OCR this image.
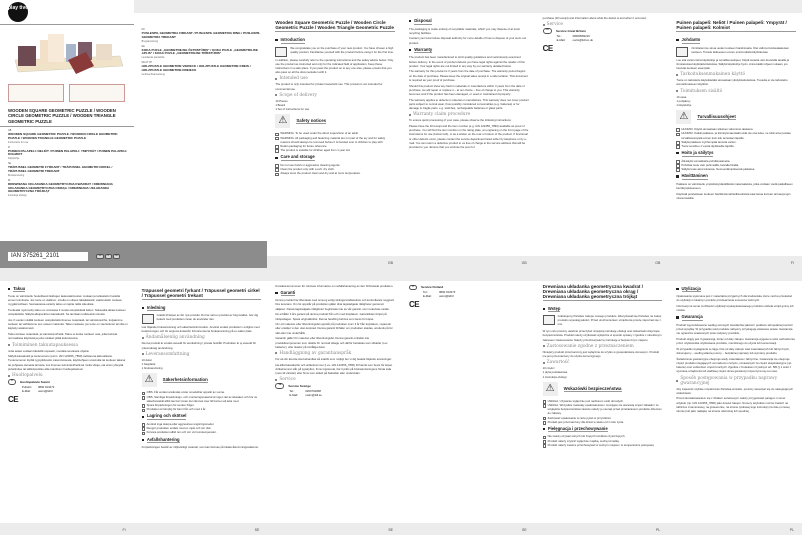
play tive
WOODEN SQUARE GEOMETRIC PUZZLE / WOODEN CIRCLE GEOMETRIC PUZZLE / WOODEN TRIANGLE GEOMETRIC PUZZLE
GB
WOODEN SQUARE GEOMETRIC PUZZLE / WOODEN CIRCLE GEOMETRIC PUZZLE / WOODEN TRIANGLE GEOMETRIC PUZZLE
Instructions for use
FI
PUINEN PALAPELI: NELIÖT / PUINEN PALAPELI: YMPYRÄT / PUINEN PALAPELI: KOLMIOT
Käyttöohje
SE
TRÄPUSSEL GEOMETRI FYRKANT / TRÄPUSSEL GEOMETRI CIRKEL / TRÄPUSSEL GEOMETRI TREKANT
Bruksanvisning
PL
DREWNIANA UKŁADANKA GEOMETRYCZNA KWADRAT / DREWNIANA UKŁADANKA GEOMETRYCZNA OKRĄG / DREWNIANA UKŁADANKA GEOMETRYCZNA TRÓJKĄT
Instrukcja obsługi
IAN 375261_2101	GB	FI	SE
DK
PUSLESPIL GEOMETRIA FIRKANT / PUSLESPIL GEOMETRIA RING / PUSLESPIL GEOMETRIA TREKANT
Brugsanvisning
EE
KOKA PUZLE „GEOMETRILISE ČETRSTŪRIS" / KOKA PUZLE „GEOMETRILISE APLIS" / KOKA PUZLE „GEOMETRILISE TRĪSSTŪRIS"
Lietošanas pamācība
DE AT CH
HOLZPUZZLE GEOMETRIE VIERECK / HOLZPUZZLE GEOMETRIE KREIS / HOLZPUZZLE GEOMETRIE DREIECK
Gebrauchsanweisung
GB
Wooden Square Geometric Puzzle / Wooden Circle Geometric Puzzle / Wooden Triangle Geometric Puzzle
Introduction
We congratulate you on the purchase of your new product. You have chosen a high quality product. Familiarise yourself with the product before using it for the first time.
In addition, please carefully refer to the operating instructions and the safety advice below. Only use the product as instructed and only for the indicated field of application. Keep these instructions in a safe place. If you pass the product on to any one else, please ensure that you also pass on all the documentation with it.
Intended use
The product is only intended for private household use. This product is not intended for commercial use.
Scope of delivery
10 Pieces
1 Board
1 Set of instructions for use
⚠	Safety notices
WARNING. To be used under the direct supervision of an adult.
WARNING. All packaging and fastening material are not part of the toy and for safety reasons should always be removed before it is handed over to children to play with.
Retain packaging for future reference.
The product is suitable for children aged from 1 year old.
Care and storage
Do not use harsh or aggressive cleaning agents.
Clean the product only with a soft, dry cloth.
Always store the product clean and dry and at room temperature.
GB
Disposal
The packaging is made entirely of recyclable materials, which you may dispose of at local recycling facilities.
Contact your local refuse disposal authority for more details of how to dispose of your worn-out product.
Warranty
The product has been manufactured to strict quality guidelines and meticulously examined before delivery. In the event of product defects you have legal rights against the retailer of this product. Your legal rights are not limited in any way by our warranty detailed below.
The warranty for this product is 3 years from the date of purchase. The warranty period begins on the date of purchase. Please keep the original sales receipt in a safe location. This document is required as your proof of purchase.
Should this product show any fault in materials or manufacture within 3 years from the date of purchase, we will repair or replace it – at our choice – free of charge to you. This warranty becomes void if the product has been damaged, or used or maintained improperly.
The warranty applies to defects in material or manufacture. This warranty does not cover product parts subject to normal wear, thus possibly considered consumables (e.g. batteries) or for damage to fragile parts, e.g. switches, rechargeable batteries or glass parts.
Warranty claim procedure
To ensure quick processing of your case, please observe the following instructions:
Please have the till receipt and the item number (e.g. IAN 123456_7890) available as proof of purchase. You will find the item number on the rating plate, an engraving on the front page of the instructions for use (bottom left), or as a sticker on the rear or bottom of the product. If functional or other defects occur, please contact the service department listed either by telephone or by e-mail. You can return a defective product to us free of charge to the service address that will be provided to you. Ensure that you enclose the proof of
GB
purchase (till receipt) and information about what the defect is and when it occurred.
Service
GB	Service Great Britain
Tel.:	08000569216
E-Mail:	owim@lidl.co.uk
CE
FI
Puinen palapeli: Neliöt / Puinen palapeli: Ympyrät / Puinen palapeli: Kolmiot
Johdanto
Onnittelemme sinua uuden tuotteen hankinnasta. Olet valinnut korkealaatuisen tuotteen. Tutustu laitteeseen ennen ensimmäistä käyttökertaa.
Lue sitä varten tämä käyttöohje ja turvallisuusohjeet. Käytä tuotetta vain kuvatulla tavalla ja ilmoitetuissa käyttötarkoituksissa. Säilytä käyttöohje hyvin. Anna kaikki ohjeet mukaan, jos luovutat tuotteen eteenpäin.
Tarkoituksenmukainen käyttö
Tuote on tarkoitettu käytettäväksi ainoastaan yksityistalouksissa. Tuotetta ei ole tarkoitettu ammattimaiseen käyttöön.
Toimituksen sisältö
10 osaa
1 pohjalevy
1 käyttöohje
⚠	Turvallisuusohjeet
HUOMIO. Käyttö ainoastaan aikuisen valvonnan alaisena.
HUOMIO. Kaikki pakkaus- ja kiinnitysmateriaalit eivät ole osa lelua, ne tulisi aina poistaa turvallisuussyistä ennen kuin lelu annetaan lapsille.
Säilytä pakkaus myöhempää tarvetta varten.
Tuote soveltuu 1 vuotta täyttäneille lapsille.
Hoito ja säilytys
Älä käytä voimakkaita puhdistusaineita.
Puhdista tuote vain pehmeällä, kuivalla liinalla.
Säilytä tuote aina kuivassa, huoneenlämpöisessä paikassa.
Hävittäminen
Pakkaus on valmistettu ympäristöystävällisistä materiaaleista, jotka voidaan viedä paikalliseen kierrätyspisteeseen.
Käytöstä poistettavan tuotteen hävittämismahdollisuuksista saat tietoa kunnan tai kaupungin viranomaisilta.
FI
Takuu
Tuote on valmistettu huolellisesti tiukkojen laatuvaatimusten mukaan ja tarkastettu huolella ennen toimitusta. Jos tuote on viallinen, sinulla on oikeus lakisääteisiin vaatimuksiin tuotteen myyjää kohtaan. Seuraavassa esitetty takuu ei rajoita näitä oikeuksia.
Tuotteella myönnetty takuu on voimassa 3 vuotta ostopäivästä lukien. Takuuaika alkaa tuotteen ostopäivästä. Säilytä alkuperäinen kassakuitti. Se tarvitaan todisteeksi ostosta.
Jos 3 vuoden sisällä tuotteen ostopäivästä ilmenee materiaali- tai valmistusvirhe, korjaamme tuotteen tai vaihdamme sen uuteen maksutta. Takuu raukeaa, jos tuote on vaurioitunut tai sitä on käytetty asiattomasti.
Takuu koskee materiaali- ja valmistusvirheitä. Takuu ei koske tuotteen osia, jotka kuluvat normaalissa käytössä ja joita voidaan pitää kulutusosina.
Toimiminen takuutapauksessa
Jotta asiasi voidaan käsitellä nopeasti, noudata seuraavia ohjeita:
Säilytä kassakuitti ja tuotenumero (esim. IAN 123456_7890) todisteena takuuaikana. Tuotenumeron löydät tyyppikilvestä, kaiverruksesta, käyttöohjeen etusivulta tai tuotteen takana tai pohjassa olevasta tarrasta. Jos ilmenee toimintavirheitä tai muita vikoja, ota ensin yhteyttä puhelimitse tai sähköpostitse alla mainittuun huoltopalveluun.
Huoltopalvelu
FI	Huoltopalvelu Suomi
Puhelin:	0800 913273
E-Mail:	owim@lidl.fi
CE
SE
Träpussel geometri fyrkant / Träpussel geometri cirkel / Träpussel geometri trekant
Inledning
Grattis till köpet av din nya produkt. Du har valt en produkt av hög kvalitet. Gör dig bekant med produkten innan du använder den.
Läs följande bruksanvisning och säkerhetsinformation. Använd endast produkten i enlighet med beskrivningen och för angivna ändamål. Förvara denna bruksanvisning på en säker plats.
Ändamålsenlig användning
Denna produkt är endast avsedd för användning i privata hushåll. Produkten är ej avsedd för yrkesmässig användning.
Leveransomfattning
10 delar
1 basplatta
1 bruksanvisning
⚠	Säkerhetsinformation
OBS. Får endast användas under omedelbar uppsikt av vuxna.
OBS. Samtliga förpacknings- och monteringsmaterial är ingen del av leksaken och bör av säkerhetsskäl alltid tas bort innan den lämnas över till barnen att leka med.
Spara förpackningen för senare frågor.
Produkten är lämplig för barn från och med 1 år.
Lagring och skötsel
Använd inga skarpa eller aggressiva rengöringsmedel.
Rengör produkten endast med en mjuk och torr duk.
Förvara produkten alltid ren och torr vid rumstemperatur.
Avfallshantering
Förpackningen består av miljövänligt material, som kan lämnas på lokala återvinningsstationer.
SE
Kontakta kommunen för närmare information om avfallshantering av den förbrukade produkten.
Garanti
Denna produkt har tillverkats med omsorg enligt stränga kvalitetskrav och kontrollerats noggrant före leverans. Om fel uppstår på produkten gäller dina lagstadgade rättigheter gentemot säljaren. Dessa lagstadgade rättigheter begränsas inte av vår garanti, som redovisas nedan.
Du erhåller 3 års garanti på denna produkt från och med köpdatum. Garantitiden börjar på inköpsdagen. Spara originalkvittot. Denna handling behövs som bevis för köpet.
Om ett material- eller tillverkningsfel uppstår på produkten inom 3 år från köpdatum, reparerar eller ersätter vi den utan kostnad. Denna garanti förfaller om produkten skadas, används på fel sätt eller inte underhålls.
Garantin gäller för material- eller tillverkningsfel. Denna garanti omfattar inte produktkomponenter som utsätts för normalt slitage och därför betraktas som slitdelar (t.ex. batterier), eller skador på ömtåliga delar.
Handläggning av garantianspråk
För att din ärende ska behandlas så snabbt som möjligt ber vi dig beakta följande anvisningar:
Ha alltid kassakvitto och artikelnummer (t.ex. IAN 123456_7890) till hands som bevis för köpet. Artikelnumret står på typskylten, finns ingraverat, har tryckts på bruksanvisningens första sida (nere till vänster) eller finns som etikett på baksidan eller undersidan.
Service
SE	Service Sverige
Tel.:	0200791808
E-Mail:	owim@lidl.se
SE
FI	Service Finland
Tel.:	0800 913273
E-Mail:	owim@lidl.fi
CE
PL
Drewniana układanka geometryczna kwadrat / Drewniana układanka geometryczna okrąg / Drewniana układanka geometryczna trójkąt
Wstęp
Gratulujemy Państwu zakupu nowego produktu. Zdecydowali się Państwo na zakup produktu wysokiej jakości. Przed uruchomieniem urządzenia proszę zapoznać się z nim.
W tym celu prosimy uważnie przeczytać niniejszą instrukcję obsługi oraz wskazówki dotyczące bezpieczeństwa. Produkt należy użytkować wyłącznie w sposób opisany i zgodnie z określonym zakresem zastosowania. Należy przechowywać tę instrukcję w bezpiecznym miejscu.
Zastosowanie zgodne z przeznaczeniem
Niniejszy produkt przeznaczony jest wyłącznie do użytku w gospodarstwie domowym. Produkt nie jest przeznaczony do użytku komercyjnego.
Zawartość
10 części
1 płyta podstawowa
1 instrukcja obsługi
⚠	Wskazówki bezpieczeństwa
UWAGA. Używanie wyłącznie pod nadzorem osób dorosłych.
UWAGA. Wszystkie materiały opakowaniowe i mocujące nie stanowią części zabawki i ze względów bezpieczeństwa zawsze należy je usunąć przed przekazaniem produktu dzieciom do zabawy.
Zachować opakowanie w razie pytań w przyszłości.
Produkt jest przeznaczony dla dzieci w wieku od 1 roku życia.
Pielęgnacja i przechowywanie
Nie należy używać ostrych lub żrących środków czyszczących.
Produkt należy czyścić wyłącznie miękką, suchą szmatką.
Produkt należy zawsze przechowywać w suchym miejscu i w temperaturze pokojowej.
PL
Utylizacja
Opakowanie wykonane jest z materiałów przyjaznych dla środowiska, które można przekazać do utylizacji w lokalnym punkcie przetwarzania surowców wtórnych.
Informacji na temat możliwości utylizacji wyeksploatowanego produktu udzieła urząd gminy lub miasta.
Gwarancja
Produkt wyprodukowano według surowych standardów jakości i poddano skrupulatnej kontroli przed wysyłką. W przypadku wad produktu nabywcy przysługują ustawowe prawa. Gwarancja nie ogranicza ustawowych praw nabywcy produktu.
Produkt objęty jest 3 gwarancją, licząc od daty zakupu. Gwarancja wygasa w razie uszkodzenia przez użytkownika użytkowania produktu, niezdolnego do użycia lub konserwacji.
W przypadku wystąpienia w ciągu 3 lat od daty zakupu wad materiałowych lub fabrycznych, dokonujemy – według własnej oceny – bezpłatnej naprawy lub wymiany produktu.
Świadczenie gwarancyjne obejmuje wady materiałowe i fabryczne. Gwarancja nie obejmuje części produktu ulegających normalnemu zużyciu, uznawanych za części eksploatacyjne (np. baterie) oraz uszkodzeń części kruchych. Zgodnie z Kodeksem Cywilnym art. 581 § 1 wraz z wymianą urządzenia lub wadliwej części okres gwarancji rozpoczyna się na nowo.
Sposób postępowania w przypadku naprawy gwarancyjnej
Aby zapewnić szybkie rozpatrzenie Państwa wniosku, prosimy stosować się do następujących wskazówek:
Przed skontaktowaniem się z działem serwisowym należy przygotować paragon i numer artykułu (np. IAN 123456_7890) jako dowód zakupu. Numery artykułów można znaleźć na tabliczce znamionowej, na grawerunku, na stronie tytułowej tego instrukcji (na dole po lewej stronie) lub jako naklejkę na stronie odwrotnej lub spodniej.
